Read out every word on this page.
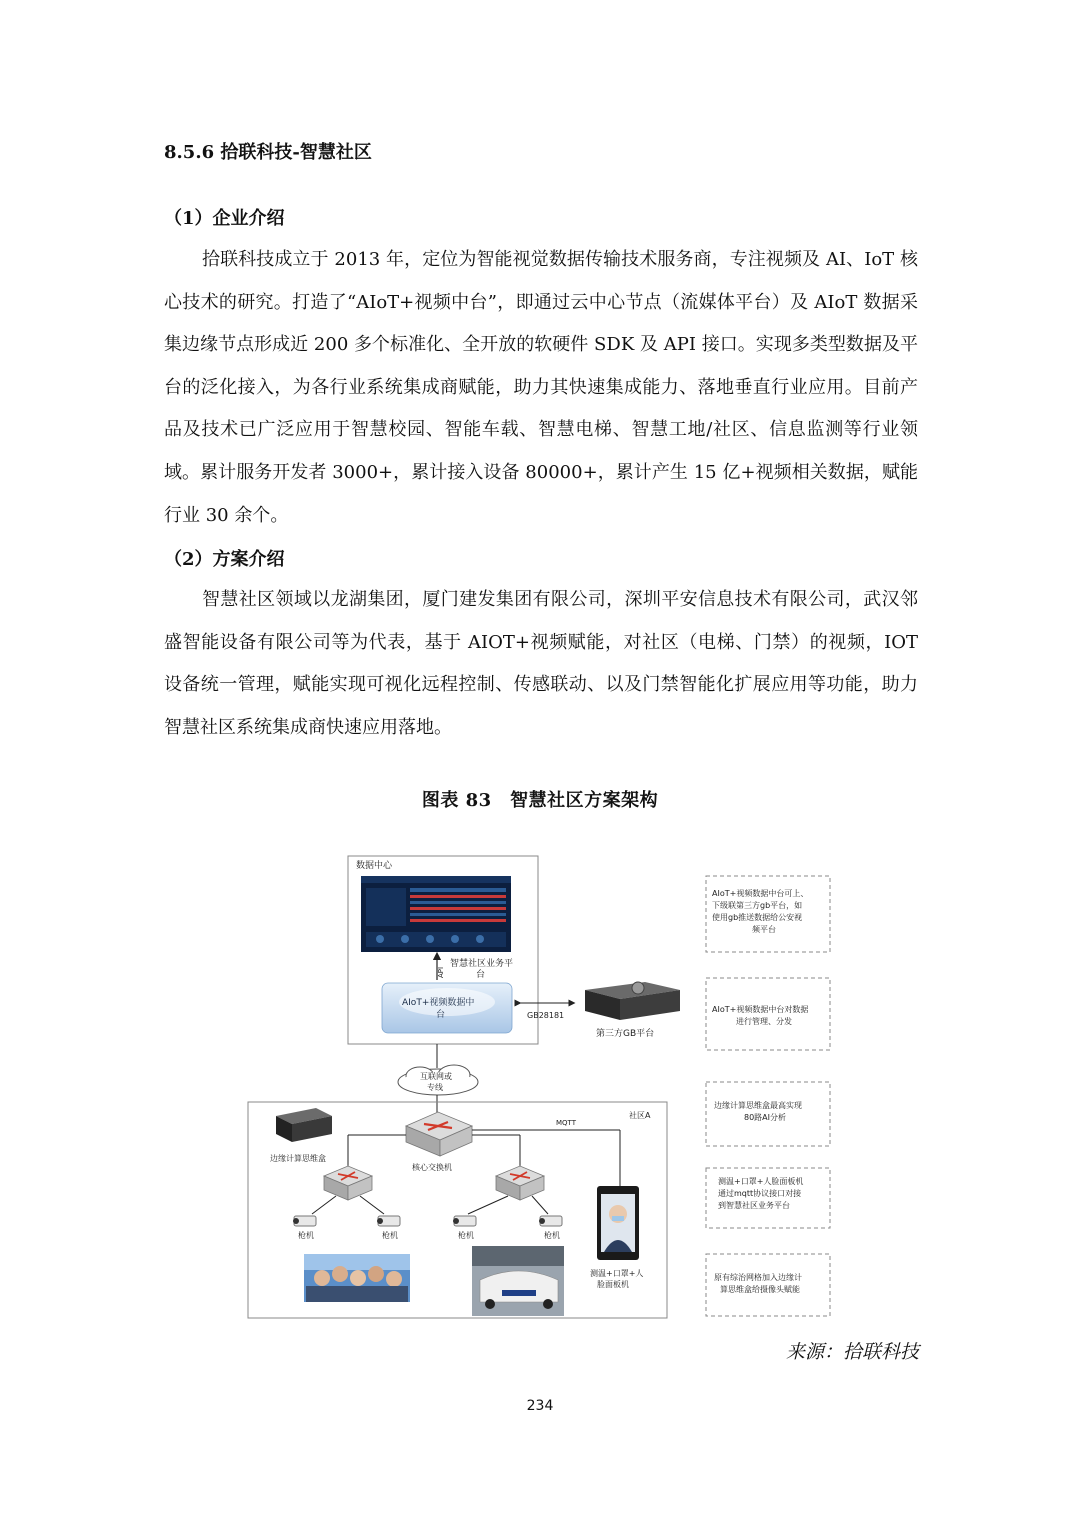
8.5.6 拾联科技-智慧社区
（1）企业介绍

拾联科技成立于 2013 年，定位为智能视觉数据传输技术服务商，专注视频及 AI、IoT 核心技术的研究。打造了“AIoT+视频中台”，即通过云中心节点（流媒体平台）及 AIoT 数据采集边缘节点形成近 200 多个标准化、全开放的软硬件 SDK 及 API 接口。实现多类型数据及平台的泛化接入，为各行业系统集成商赋能，助力其快速集成能力、落地垂直行业应用。目前产品及技术已广泛应用于智慧校园、智能车载、智慧电梯、智慧工地/社区、信息监测等行业领域。累计服务开发者 3000+，累计接入设备 80000+，累计产生 15 亿+视频相关数据，赋能行业 30 余个。

（2）方案介绍

智慧社区领域以龙湖集团，厦门建发集团有限公司，深圳平安信息技术有限公司，武汉邻盛智能设备有限公司等为代表，基于 AIOT+视频赋能，对社区（电梯、门禁）的视频，IOT 设备统一管理，赋能实现可视化远程控制、传感联动、以及门禁智能化扩展应用等功能，助力智慧社区系统集成商快速应用落地。

图表 83　智慧社区方案架构
数据中心
API
智慧社区业务平
台
AIoT+视频数据中
台	GB28181
第三方GB平台
互联网或
专线
社区A
边缘计算思维盒
核心交换机
MQTT
枪机	枪机	枪机	枪机
测温+口罩+人
脸面板机
AIoT+视频数据中台可上、
下级联第三方gb平台，如
使用gb推送数据给公安视
频平台
AIoT+视频数据中台对数据
进行管理、分发
边缘计算思维盒最高实现
80路AI分析
测温+口罩+人脸面板机
通过mqtt协议接口对接
到智慧社区业务平台
原有综治网格加入边缘计
算思维盒给摄像头赋能
来源：拾联科技
234
